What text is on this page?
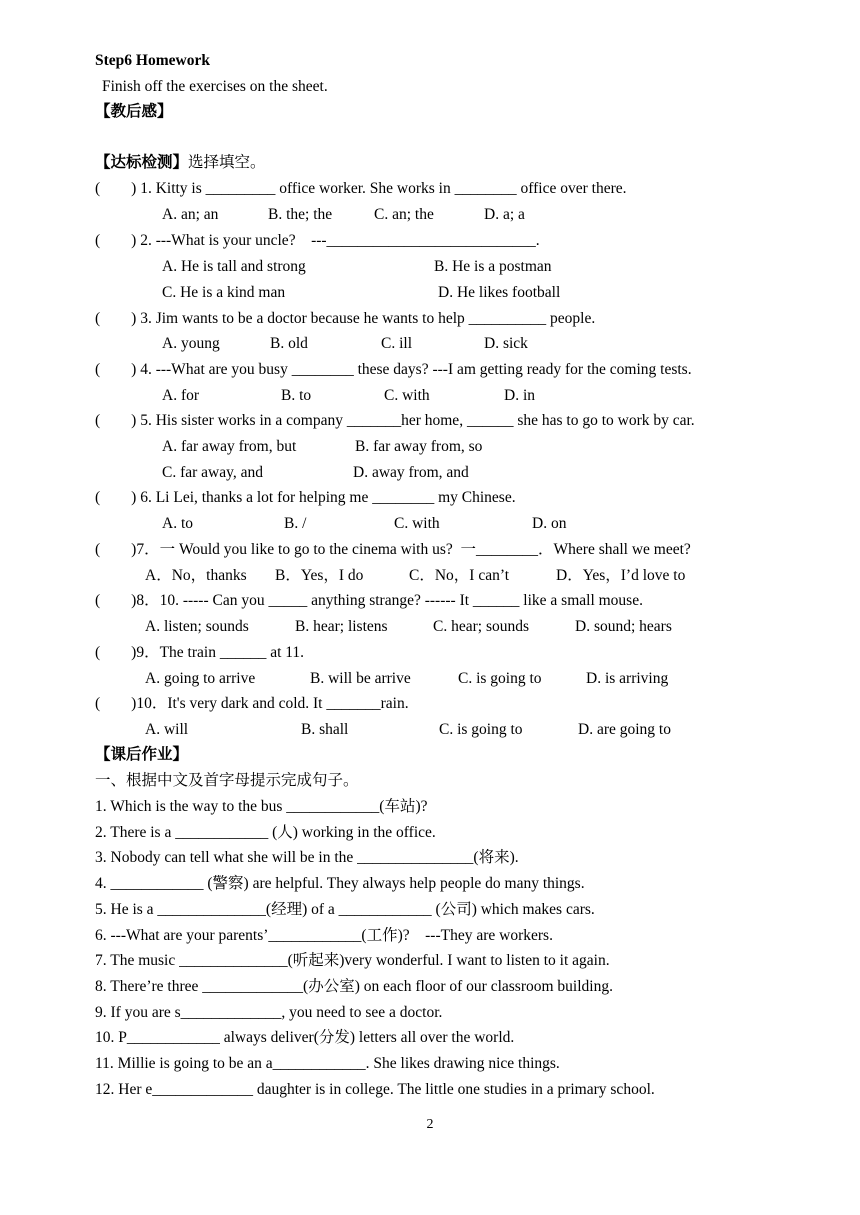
Step6 Homework
Finish off the exercises on the sheet.
【教后感】
【达标检测】选择填空。
(        ) 1. Kitty is _________ office worker. She works in ________ office over there.
A. an; an	B. the; the	C. an; the	D. a; a
(        ) 2. ---What is your uncle?    ---___________________________.
A. He is tall and strong	B. He is a postman
C. He is a kind man	D. He likes football
(        ) 3. Jim wants to be a doctor because he wants to help __________ people.
A. young	B. old	C. ill	D. sick
(        ) 4. ---What are you busy ________ these days? ---I am getting ready for the coming tests.
A. for	B. to	C. with	D. in
(        ) 5. His sister works in a company _______her home, ______ she has to go to work by car.
A. far away from, but	B. far away from, so
C. far away, and	D. away from, and
(        ) 6. Li Lei, thanks a lot for helping me ________ my Chinese.
A. to	B. /	C. with	D. on
(        )7．一 Would you like to go to the cinema with us?  一________．Where shall we meet?
A．No，thanks B．Yes，I do	C．No，I can’t	D．Yes，I’d love to
(        )8．10. ----- Can you _____ anything strange? ------ It ______ like a small mouse.
A. listen; sounds	B. hear; listens	C. hear; sounds	D. sound; hears
(        )9．The train ______ at 11.
A. going to arrive	B. will be arrive	C. is going to	D. is arriving
(        )10．It's very dark and cold. It _______rain.
A. will	B. shall	C. is going to	D. are going to
【课后作业】
一、根据中文及首字母提示完成句子。
1. Which is the way to the bus ____________(车站)?
2. There is a ____________ (人) working in the office.
3. Nobody can tell what she will be in the _______________(将来).
4. ____________ (警察) are helpful. They always help people do many things.
5. He is a ______________(经理) of a ____________ (公司) which makes cars.
6. ---What are your parents’____________(工作)?    ---They are workers.
7. The music ______________(听起来)very wonderful. I want to listen to it again.
8. There’re three _____________(办公室) on each floor of our classroom building.
9. If you are s_____________, you need to see a doctor.
10. P____________ always deliver(分发) letters all over the world.
11. Millie is going to be an a____________. She likes drawing nice things.
12. Her e_____________ daughter is in college. The little one studies in a primary school.
2
